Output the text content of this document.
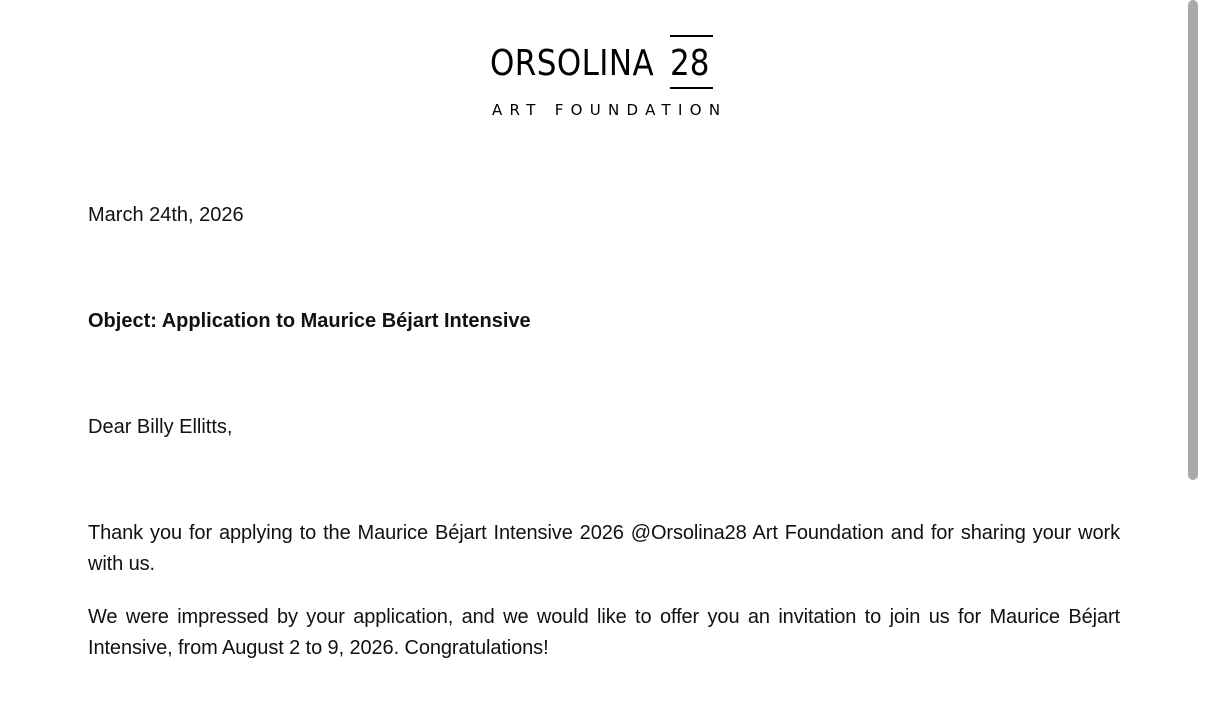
ORSOLINA 28
ART FOUNDATION
March 24th, 2026
Object: Application to Maurice Béjart Intensive
Dear Billy Ellitts,
Thank you for applying to the Maurice Béjart Intensive 2026 @Orsolina28 Art Foundation and for sharing your work with us.
We were impressed by your application, and we would like to offer you an invitation to join us for Maurice Béjart Intensive, from August 2 to 9, 2026. Congratulations!
